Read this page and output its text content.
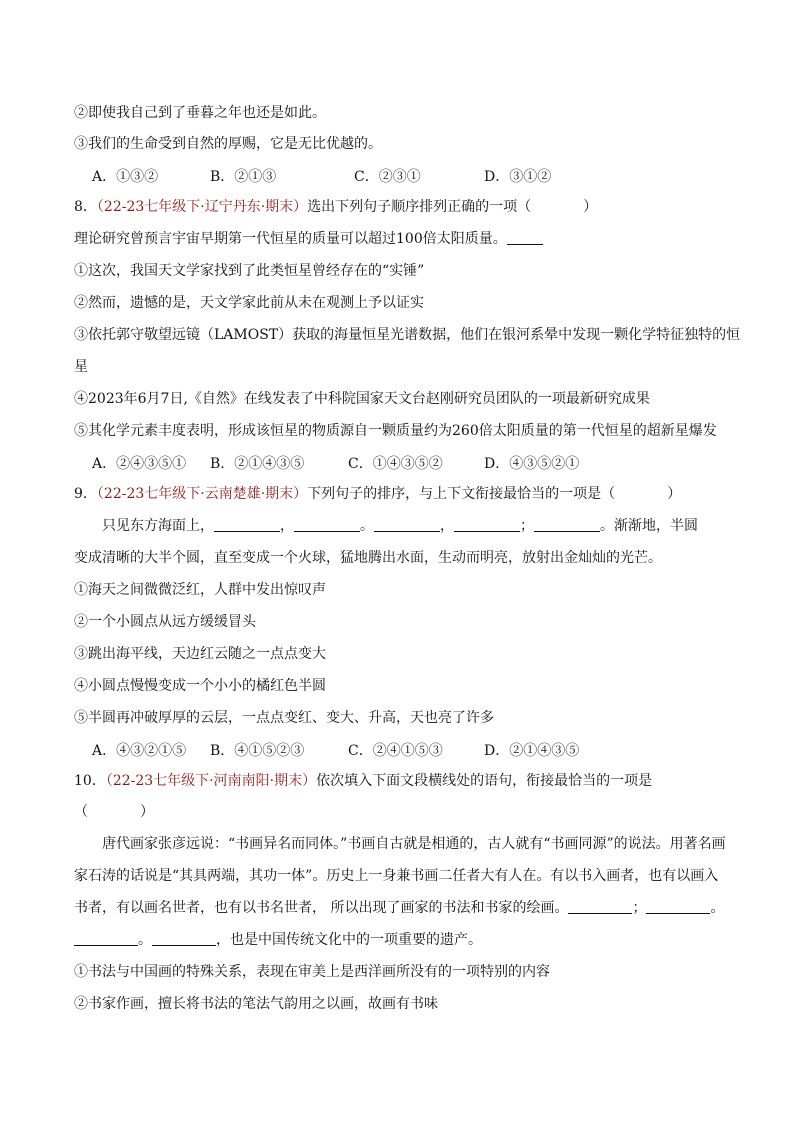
②即使我自己到了垂暮之年也还是如此。
③我们的生命受到自然的厚赐，它是无比优越的。
A．①③②	B．②①③	C．②③①	D．③①②
8．（22-23七年级下·辽宁丹东·期末）选出下列句子顺序排列正确的一项（	）
理论研究曾预言宇宙早期第一代恒星的质量可以超过100倍太阳质量。
①这次，我国天文学家找到了此类恒星曾经存在的“实锤”
②然而，遗憾的是，天文学家此前从未在观测上予以证实
③依托郭守敬望远镜（LAMOST）获取的海量恒星光谱数据，他们在银河系晕中发现一颗化学特征独特的恒
星
④2023年6月7日,《自然》在线发表了中科院国家天文台赵刚研究员团队的一项最新研究成果
⑤其化学元素丰度表明，形成该恒星的物质源自一颗质量约为260倍太阳质量的第一代恒星的超新星爆发
A．②④③⑤① B．②①④③⑤	C．①④③⑤②	D．④③⑤②①
9．（22-23七年级下·云南楚雄·期末）下列句子的排序，与上下文衔接最恰当的一项是（	）
只见东方海面上，	，	。	，	；	。渐渐地，半圆
变成清晰的大半个圆，直至变成一个火球，猛地腾出水面，生动而明亮，放射出金灿灿的光芒。
①海天之间微微泛红，人群中发出惊叹声
②一个小圆点从远方缓缓冒头
③跳出海平线，天边红云随之一点点变大
④小圆点慢慢变成一个小小的橘红色半圆
⑤半圆再冲破厚厚的云层，一点点变红、变大、升高，天也亮了许多
A．④③②①⑤ B．④①⑤②③	C．②④①⑤③	D．②①④③⑤
10．（22-23七年级下·河南南阳·期末）依次填入下面文段横线处的语句，衔接最恰当的一项是
（	）
唐代画家张彦远说：“书画异名而同体。”书画自古就是相通的，古人就有“书画同源”的说法。用著名画家石涛的话说是“其具两端，其功一体”。历史上一身兼书画二任者大有人在。有以书入画者，也有以画入书者，有以画名世者，也有以书名世者， 所以出现了画家的书法和书家的绘画。	；	。。	，也是中国传统文化中的一项重要的遗产。
①书法与中国画的特殊关系，表现在审美上是西洋画所没有的一项特别的内容
②书家作画，擅长将书法的笔法气韵用之以画，故画有书味
